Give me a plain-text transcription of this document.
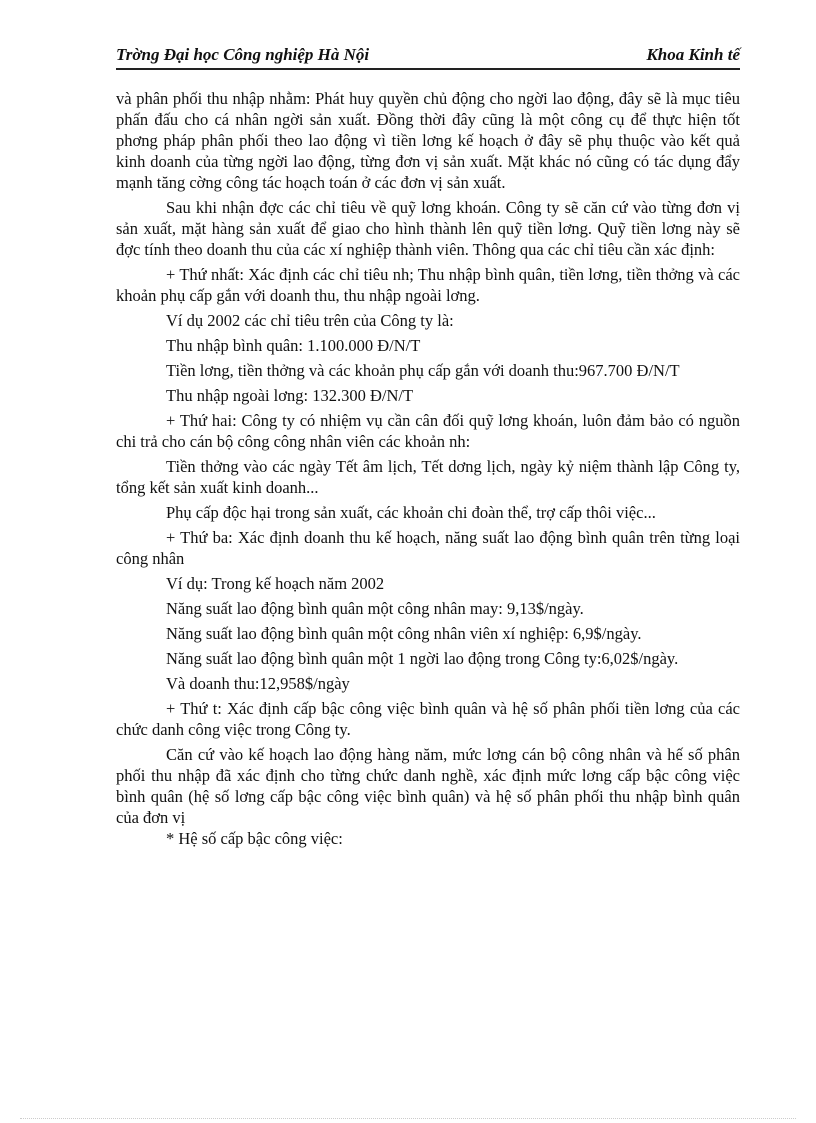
Trờng Đại học Công nghiệp Hà Nội	Khoa Kinh tế

và phân phối thu nhập nhằm: Phát huy quyền chủ động cho ngời lao động, đây sẽ là mục tiêu phấn đấu cho cá nhân ngời sản xuất. Đồng thời đây cũng là một công cụ để thực hiện tốt phơng pháp phân phối theo lao động vì tiền lơng kế hoạch ở đây sẽ phụ thuộc vào kết quả kinh doanh của từng ngời lao động, từng đơn vị sản xuất. Mặt khác nó cũng có tác dụng đẩy mạnh tăng cờng công tác hoạch toán ở các đơn vị sản xuất.

Sau khi nhận đợc các chỉ tiêu về quỹ lơng khoán. Công ty sẽ căn cứ vào từng đơn vị sản xuất, mặt hàng sản xuất để giao cho hình thành lên quỹ tiền lơng. Quỹ tiền lơng này sẽ đợc tính theo doanh thu của các xí nghiệp thành viên. Thông qua các chỉ tiêu cần xác định:

+ Thứ nhất: Xác định các chỉ tiêu nh; Thu nhập bình quân, tiền lơng, tiền thởng và các khoản phụ cấp gắn với doanh thu, thu nhập ngoài lơng.

Ví dụ 2002 các chỉ tiêu trên của Công ty là:

Thu nhập bình quân: 1.100.000 Đ/N/T

Tiền lơng, tiền thởng và các khoản phụ cấp gắn với doanh thu:967.700 Đ/N/T

Thu nhập ngoài lơng: 132.300 Đ/N/T

+ Thứ hai: Công ty có nhiệm vụ cần cân đối quỹ lơng khoán, luôn đảm bảo có nguồn chi trả cho cán bộ công công nhân viên các khoản nh:

Tiền thởng vào các ngày Tết âm lịch, Tết dơng lịch, ngày kỷ niệm thành lập Công ty, tổng kết sản xuất kinh doanh...

Phụ cấp độc hại trong sản xuất, các khoản chi đoàn thể, trợ cấp thôi việc...

+ Thứ ba: Xác định doanh thu kế hoạch, năng suất lao động bình quân trên từng loại công nhân

Ví dụ: Trong kế hoạch năm 2002

Năng suất lao động bình quân một công nhân may: 9,13$/ngày.

Năng suất lao động bình quân một công nhân viên xí nghiệp: 6,9$/ngày.

Năng suất lao động bình quân một 1 ngời lao động trong Công ty:6,02$/ngày.

Và doanh thu:12,958$/ngày

+ Thứ t: Xác định cấp bậc công việc bình quân và hệ số phân phối tiền lơng của các chức danh công việc trong Công ty.

Căn cứ vào kế hoạch lao động hàng năm, mức lơng cán bộ công nhân và hế số phân phối thu nhập đã xác định cho từng chức danh nghề, xác định mức lơng cấp bậc công việc bình quân (hệ số lơng cấp bậc công việc bình quân) và hệ số phân phối thu nhập bình quân của đơn vị

* Hệ số cấp bậc công việc:
